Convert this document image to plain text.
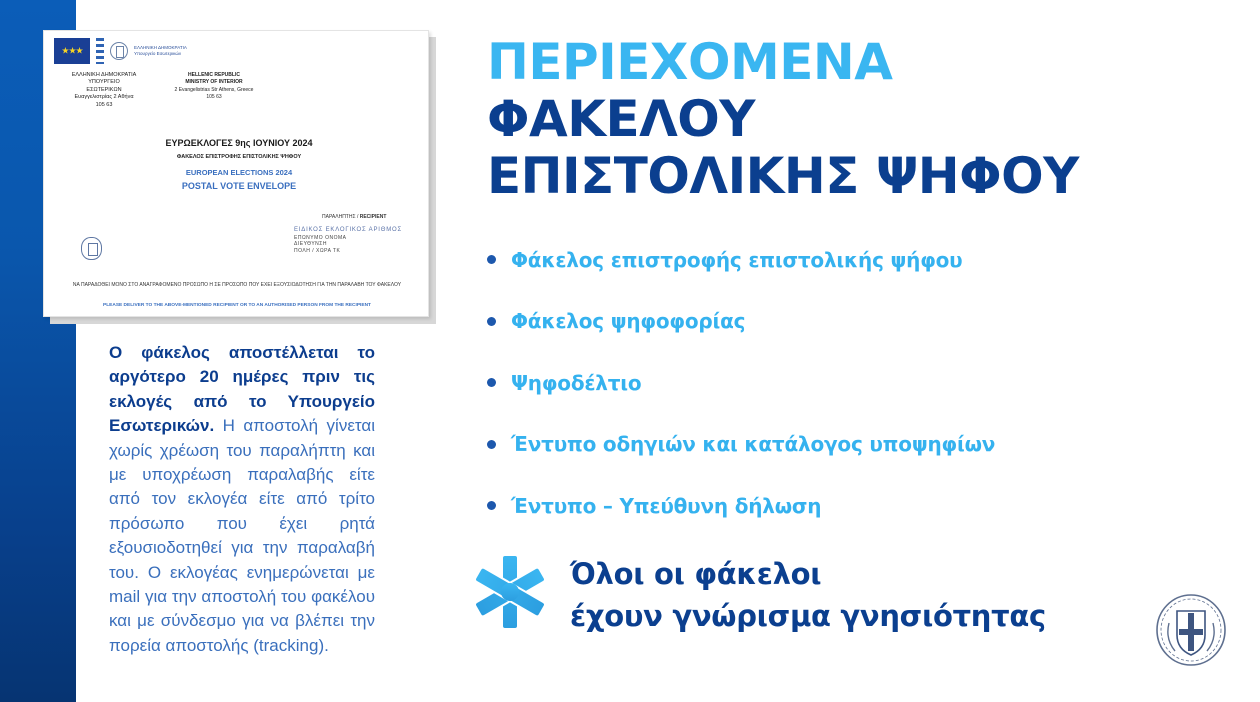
★★★	ΕΛΛΗΝΙΚΗ ΔΗΜΟΚΡΑΤΙΑ
Υπουργείο Εσωτερικών
ΕΛΛΗΝΙΚΗ ΔΗΜΟΚΡΑΤΙΑ
ΥΠΟΥΡΓΕΙΟ
ΕΣΩΤΕΡΙΚΩΝ
Ευαγγελιστρίας 2 Αθήνα
105 63
HELLENIC REPUBLIC
MINISTRY OF INTERIOR
2 Evangelistrias Str Athens, Greece
105 63
ΕΥΡΩΕΚΛΟΓΕΣ 9ης ΙΟΥΝΙΟΥ 2024
ΦΑΚΕΛΟΣ ΕΠΙΣΤΡΟΦΗΣ ΕΠΙΣΤΟΛΙΚΗΣ ΨΗΦΟΥ
EUROPEAN ELECTIONS 2024
POSTAL VOTE ENVELOPE
ΠΑΡΑΛΗΠΤΗΣ / RECIPIENT
ΕΙΔΙΚΟΣ ΕΚΛΟΓΙΚΟΣ ΑΡΙΘΜΟΣ
ΕΠΩΝΥΜΟ ΟΝΟΜΑ
ΔΙΕΥΘΥΝΣΗ
ΠΟΛΗ / ΧΩΡΑ ΤΚ
ΝΑ ΠΑΡΑΔΟΘΕΙ ΜΟΝΟ ΣΤΟ ΑΝΑΓΡΑΦΟΜΕΝΟ ΠΡΟΣΩΠΟ Η ΣΕ ΠΡΟΣΩΠΟ ΠΟΥ ΕΧΕΙ ΕΞΟΥΣΙΟΔΟΤΗΣΗ ΓΙΑ ΤΗΝ ΠΑΡΑΛΑΒΗ ΤΟΥ ΦΑΚΕΛΟΥ
PLEASE DELIVER TO THE ABOVE-MENTIONED RECIPIENT OR TO AN AUTHORISED PERSON FROM THE RECIPIENT

Ο φάκελος αποστέλλεται το αργότερο 20 ημέρες πριν τις εκλογές από το Υπουργείο Εσωτερικών. Η αποστολή γίνεται χωρίς χρέωση του παραλήπτη και με υποχρέωση παραλαβής είτε από τον εκλογέα είτε από τρίτο πρόσωπο που έχει ρητά εξουσιοδοτηθεί για την παραλαβή του. Ο εκλογέας ενημερώνεται με mail για την αποστολή του φακέλου και με σύνδεσμο για να βλέπει την πορεία αποστολής (tracking).

ΠΕΡΙΕΧΟΜΕΝΑ
ΦΑΚΕΛΟΥ
ΕΠΙΣΤΟΛΙΚΗΣ ΨΗΦΟΥ
Φάκελος επιστροφής επιστολικής ψήφου
Φάκελος ψηφοφορίας
Ψηφοδέλτιο
Έντυπο οδηγιών και κατάλογος υποψηφίων
Έντυπο – Υπεύθυνη δήλωση
Όλοι οι φάκελοι
έχουν γνώρισμα γνησιότητας
